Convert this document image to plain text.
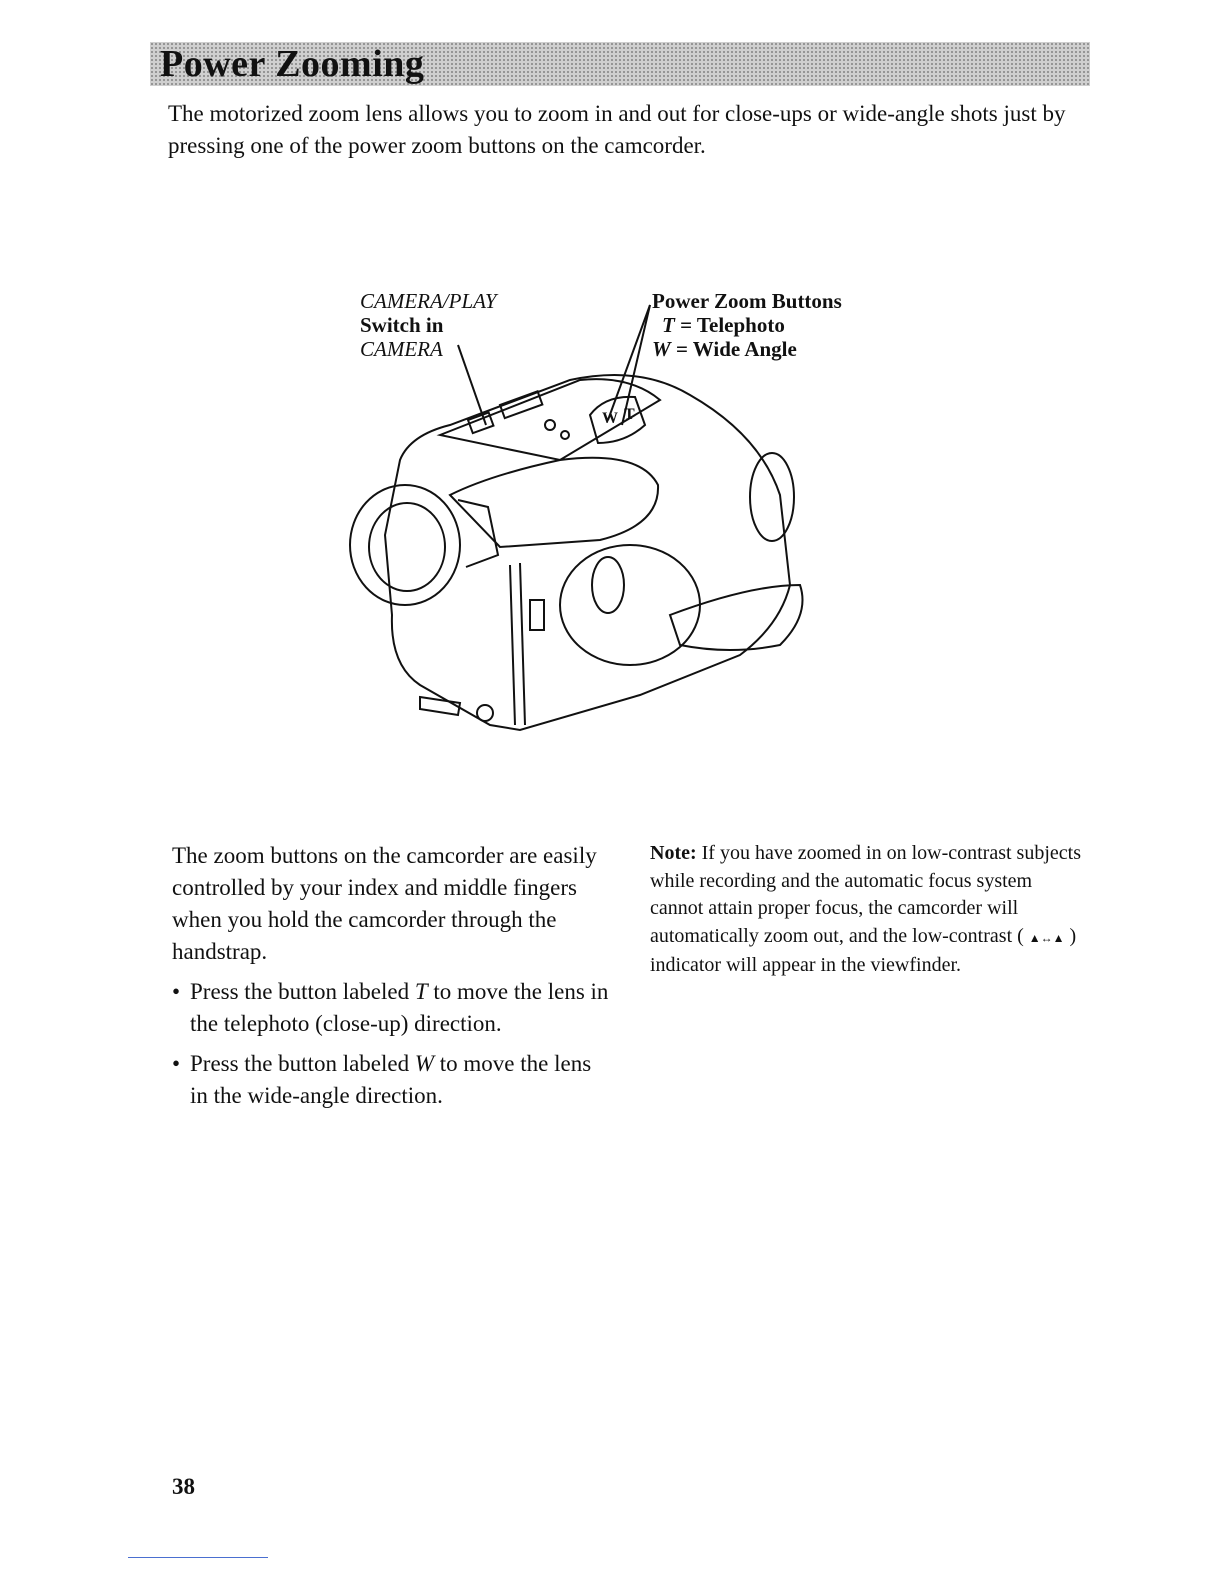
Power Zooming

The motorized zoom lens allows you to zoom in and out for close-ups or wide-angle shots just by pressing one of the power zoom buttons on the camcorder.

CAMERA/PLAY
Switch in
CAMERA
Power Zoom Buttons
T = Telephoto
W = Wide Angle
W T

The zoom buttons on the camcorder are easily controlled by your index and middle fingers when you hold the camcorder through the handstrap.

• Press the button labeled T to move the lens in the telephoto (close-up) direction.

• Press the button labeled W to move the lens in the wide-angle direction.

Note: If you have zoomed in on low-contrast subjects while recording and the automatic focus system cannot attain proper focus, the camcorder will automatically zoom out, and the low-contrast ( ▲↔▲ ) indicator will appear in the viewfinder.

38
